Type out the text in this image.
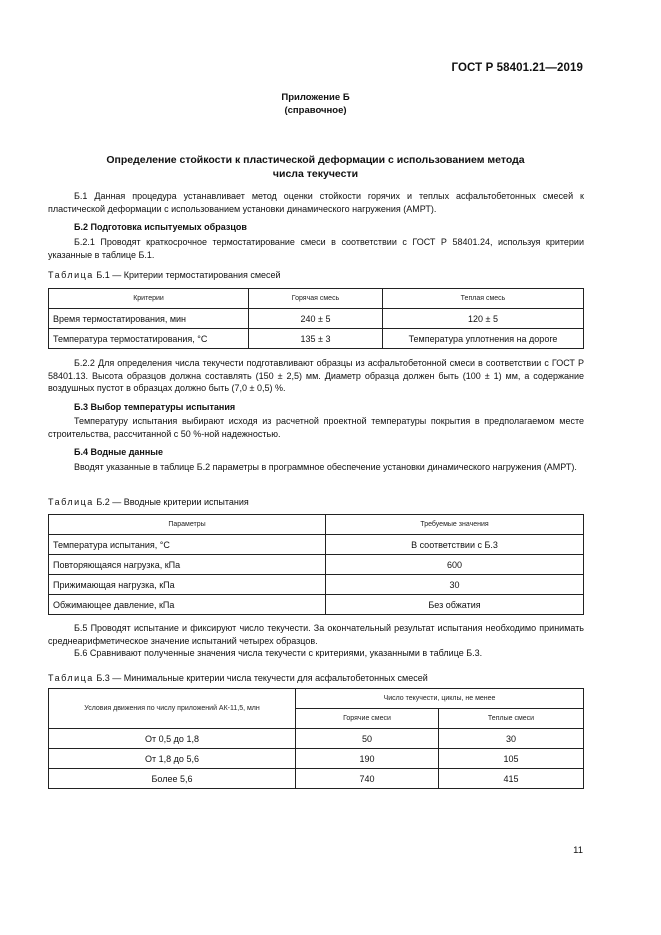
ГОСТ Р 58401.21—2019
Приложение Б
(справочное)
Определение стойкости к пластической деформации с использованием метода
числа текучести
Б.1 Данная процедура устанавливает метод оценки стойкости горячих и теплых асфальтобетонных смесей к пластической деформации с использованием установки динамического нагружения (АМРТ).
Б.2 Подготовка испытуемых образцов
Б.2.1 Проводят краткосрочное термостатирование смеси в соответствии с ГОСТ Р 58401.24, используя критерии указанные в таблице Б.1.
Таблица Б.1 — Критерии термостатирования смесей
Критерии	Горячая смесь	Теплая смесь
Время термостатирования, мин	240 ± 5	120 ± 5
Температура термостатирования, °С	135 ± 3	Температура уплотнения на дороге
Б.2.2 Для определения числа текучести подготавливают образцы из асфальтобетонной смеси в соответствии с ГОСТ Р 58401.13. Высота образцов должна составлять (150 ± 2,5) мм. Диаметр образца должен быть (100 ± 1) мм, а содержание воздушных пустот в образцах должно быть (7,0 ± 0,5) %.
Б.3 Выбор температуры испытания
Температуру испытания выбирают исходя из расчетной проектной температуры покрытия в предполагаемом месте строительства, рассчитанной с 50 %-ной надежностью.
Б.4 Водные данные
Вводят указанные в таблице Б.2 параметры в программное обеспечение установки динамического нагружения (АМРТ).
Таблица Б.2 — Вводные критерии испытания
Параметры	Требуемые значения
Температура испытания, °С	В соответствии с Б.3
Повторяющаяся нагрузка, кПа	600
Прижимающая нагрузка, кПа	30
Обжимающее давление, кПа	Без обжатия
Б.5 Проводят испытание и фиксируют число текучести. За окончательный результат испытания необходимо принимать среднеарифметическое значение испытаний четырех образцов.
Б.6 Сравнивают полученные значения числа текучести с критериями, указанными в таблице Б.3.
Таблица Б.3 — Минимальные критерии числа текучести для асфальтобетонных смесей
Условия движения по числу приложений АК-11,5, млн	Число текучести, циклы, не менее	
	Горячие смеси	Теплые смеси
От 0,5 до 1,8	50	30
От 1,8 до 5,6	190	105
Более 5,6	740	415
11
